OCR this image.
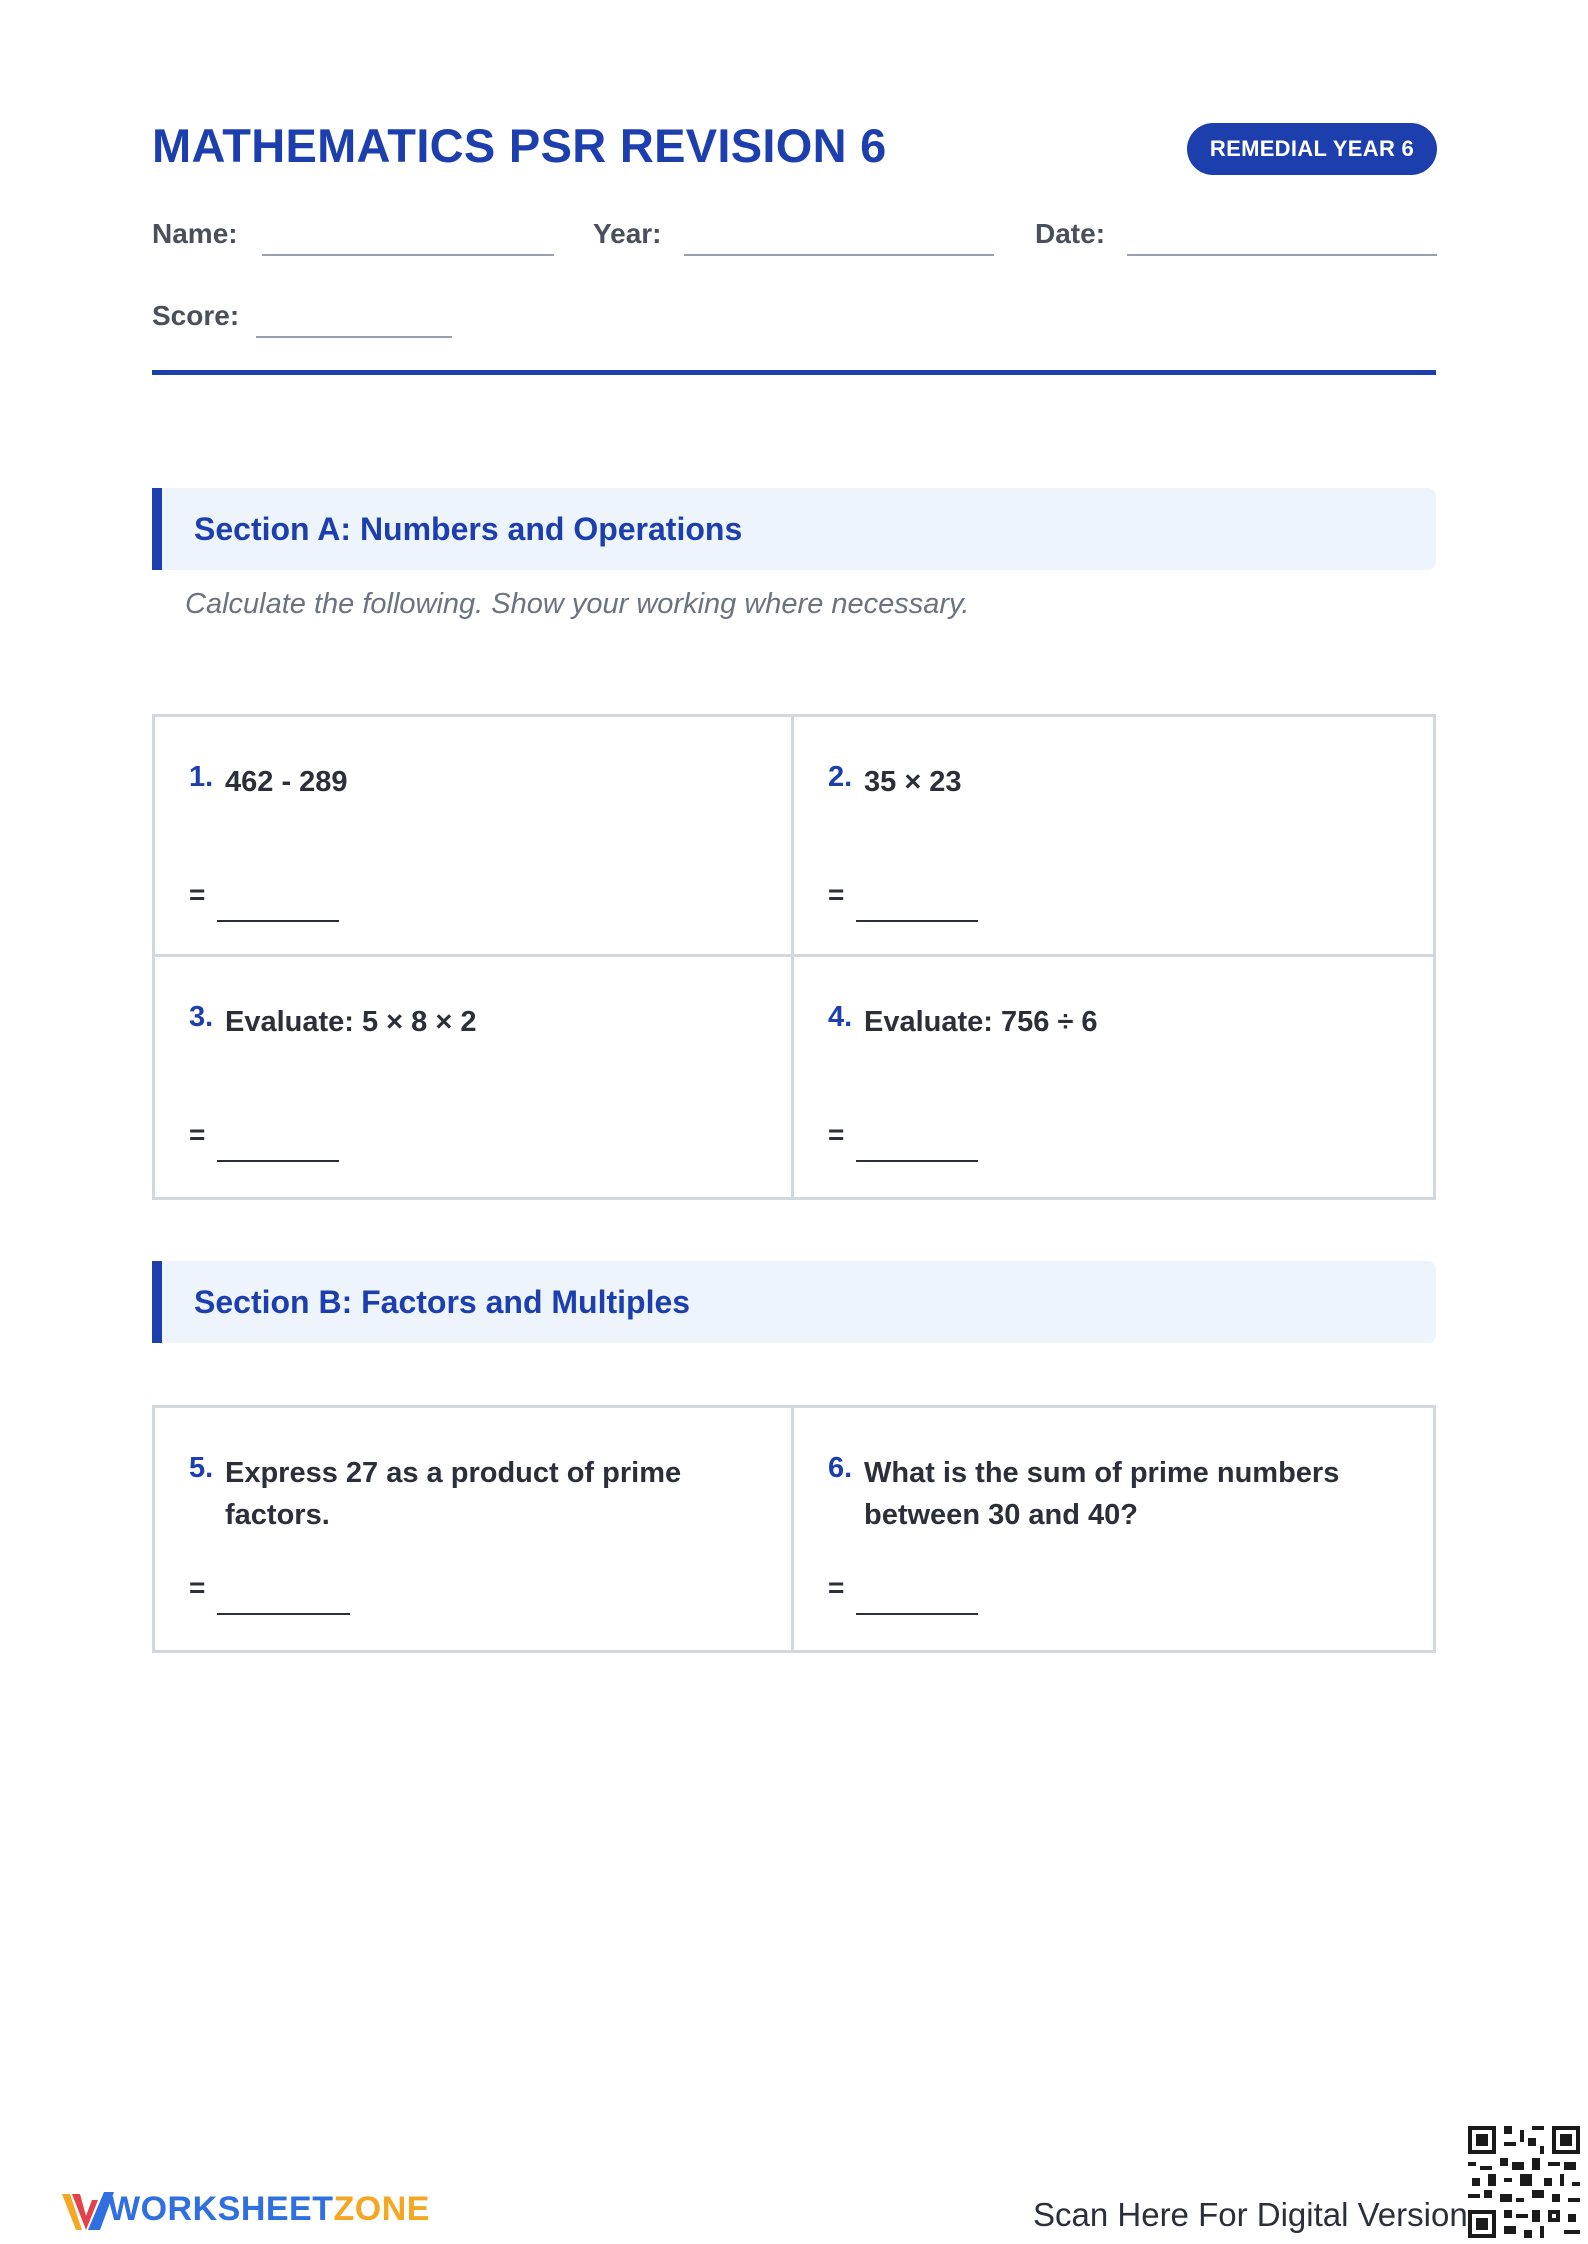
MATHEMATICS PSR REVISION 6	REMEDIAL YEAR 6
Name:	Year:	Date:
Score:
Section A: Numbers and Operations
Calculate the following. Show your working where necessary.
1. 462 - 289
=
2. 35 × 23
=
3. Evaluate: 5 × 8 × 2
=
4. Evaluate: 756 ÷ 6
=
Section B: Factors and Multiples
5. Express 27 as a product of prime factors.
=
6. What is the sum of prime numbers between 30 and 40?
=
WORKSHEETZONE	Scan Here For Digital Version
